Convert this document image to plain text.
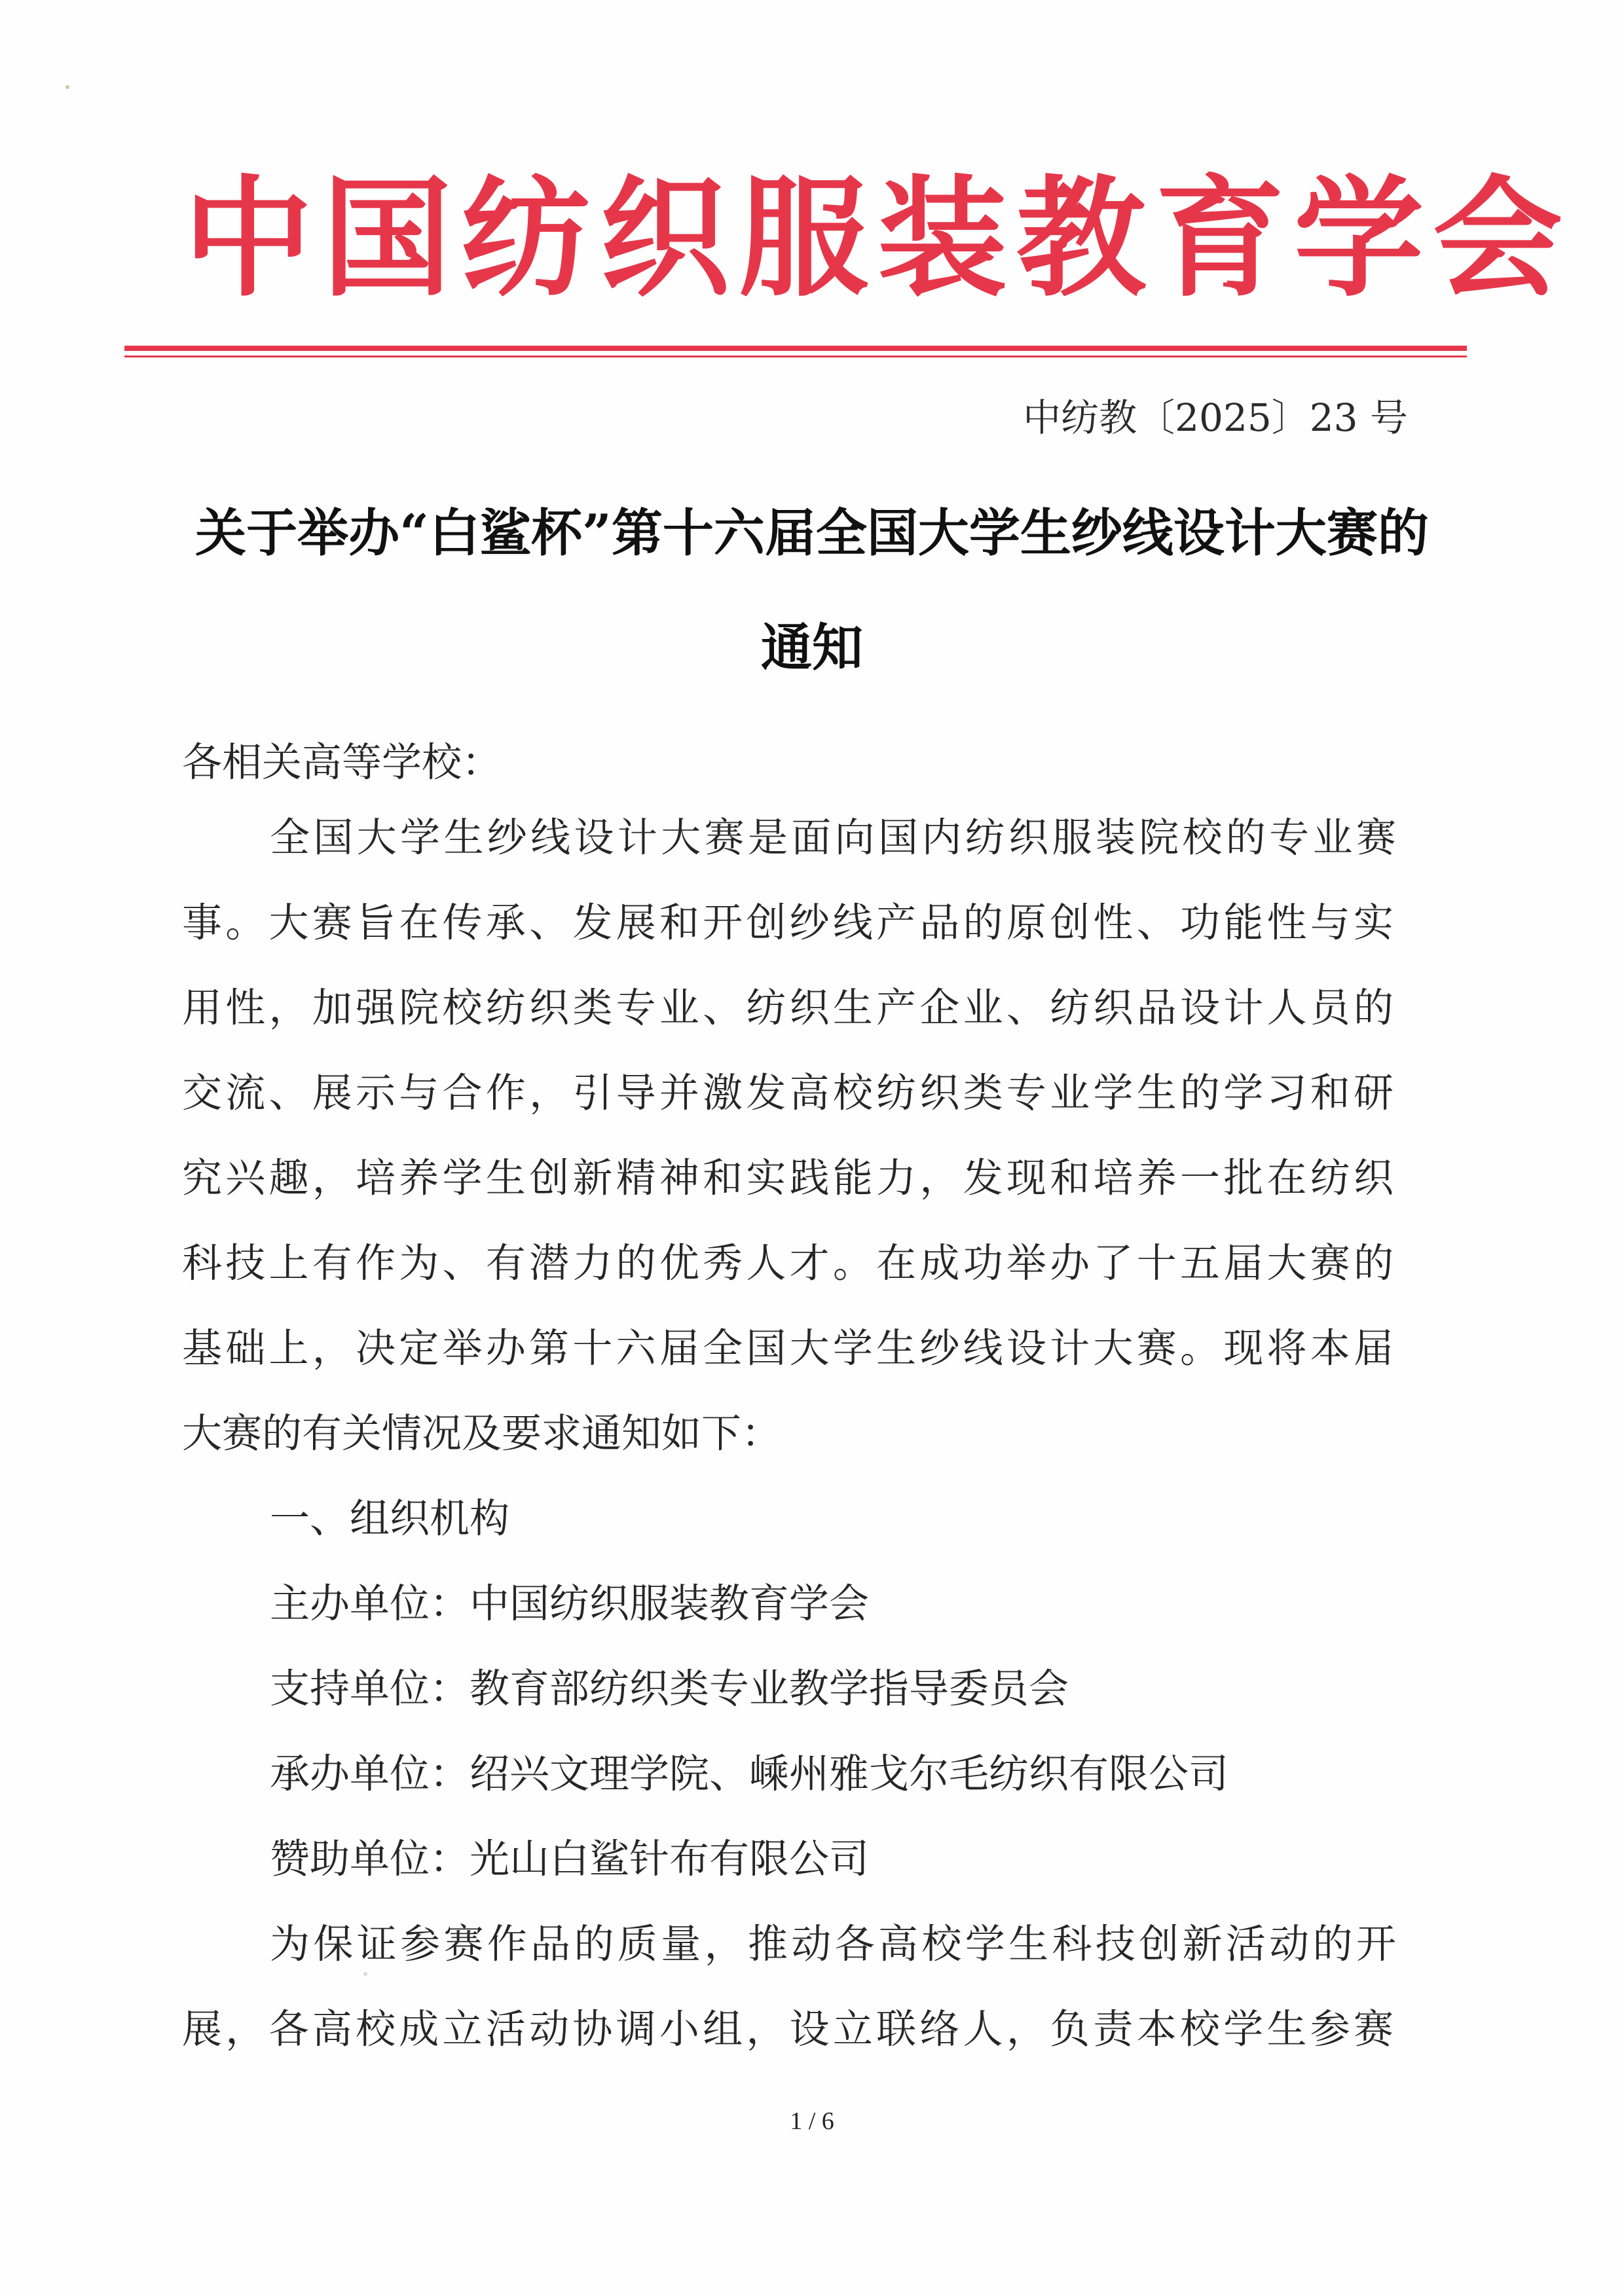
中国纺织服装教育学会
中纺教〔2025〕23 号
关于举办“白鲨杯”第十六届全国大学生纱线设计大赛的
通知
各相关高等学校：
全国大学生纱线设计大赛是面向国内纺织服装院校的专业赛
事。大赛旨在传承、发展和开创纱线产品的原创性、功能性与实
用性，加强院校纺织类专业、纺织生产企业、纺织品设计人员的
交流、展示与合作，引导并激发高校纺织类专业学生的学习和研
究兴趣，培养学生创新精神和实践能力，发现和培养一批在纺织
科技上有作为、有潜力的优秀人才。在成功举办了十五届大赛的
基础上，决定举办第十六届全国大学生纱线设计大赛。现将本届
大赛的有关情况及要求通知如下：
一、组织机构
主办单位：中国纺织服装教育学会
支持单位：教育部纺织类专业教学指导委员会
承办单位：绍兴文理学院、嵊州雅戈尔毛纺织有限公司
赞助单位：光山白鲨针布有限公司
为保证参赛作品的质量，推动各高校学生科技创新活动的开
展，各高校成立活动协调小组，设立联络人，负责本校学生参赛
1 / 6
